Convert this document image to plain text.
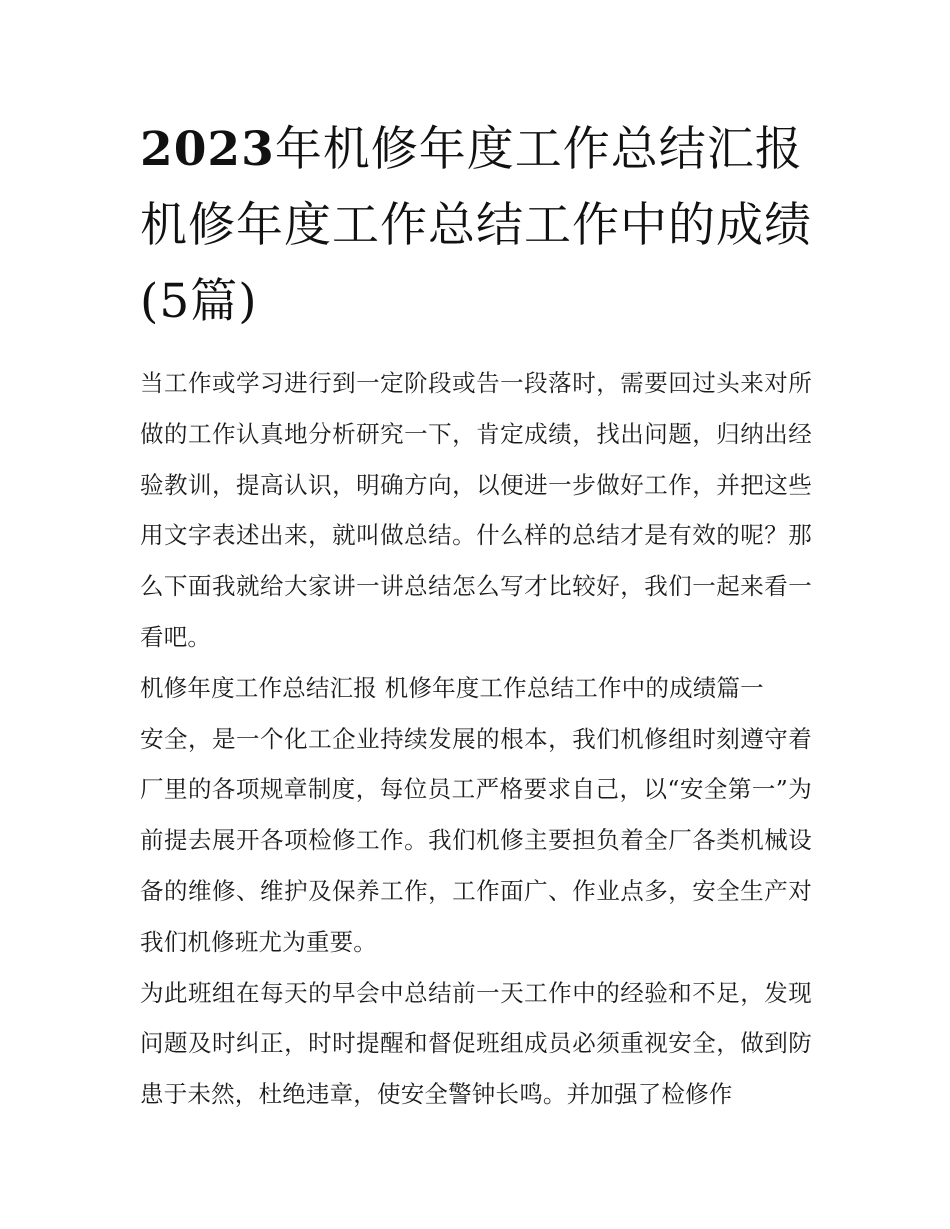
2023年机修年度工作总结汇报 机修年度工作总结工作中的成绩(5篇)

当工作或学习进行到一定阶段或告一段落时，需要回过头来对所做的工作认真地分析研究一下，肯定成绩，找出问题，归纳出经验教训，提高认识，明确方向，以便进一步做好工作，并把这些用文字表述出来，就叫做总结。什么样的总结才是有效的呢？那么下面我就给大家讲一讲总结怎么写才比较好，我们一起来看一看吧。

机修年度工作总结汇报 机修年度工作总结工作中的成绩篇一

安全，是一个化工企业持续发展的根本，我们机修组时刻遵守着厂里的各项规章制度，每位员工严格要求自己，以“安全第一”为前提去展开各项检修工作。我们机修主要担负着全厂各类机械设备的维修、维护及保养工作，工作面广、作业点多，安全生产对我们机修班尤为重要。

为此班组在每天的早会中总结前一天工作中的经验和不足，发现问题及时纠正，时时提醒和督促班组成员必须重视安全，做到防患于未然，杜绝违章，使安全警钟长鸣。并加强了检修作
